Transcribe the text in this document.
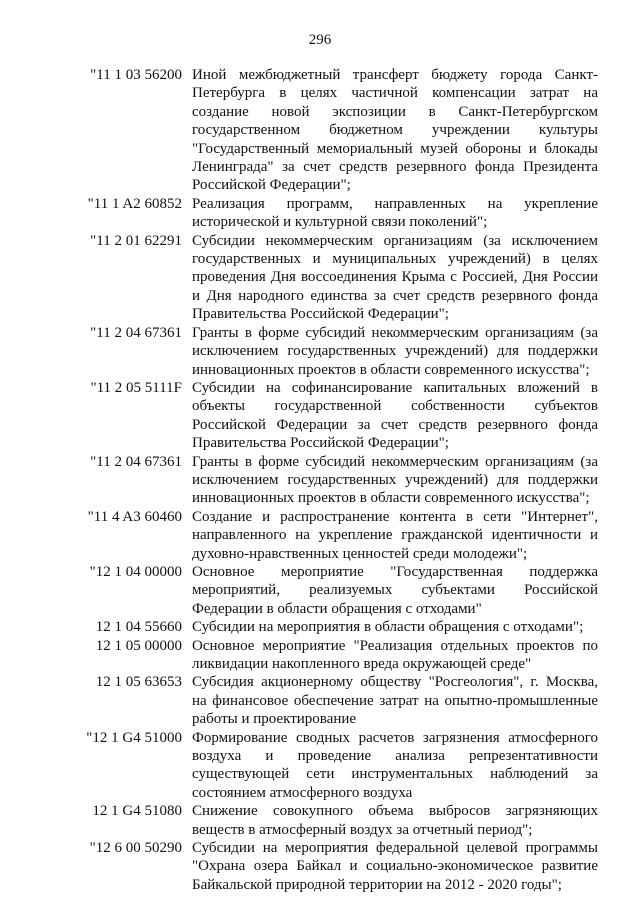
296
"11 1 03 56200 Иной межбюджетный трансферт бюджету города Санкт-
Петербурга в целях частичной компенсации затрат на
создание новой экспозиции в Санкт-Петербургском
государственном бюджетном учреждении культуры
"Государственный мемориальный музей обороны и блокады
Ленинграда" за счет средств резервного фонда Президента
Российской Федерации";
"11 1 A2 60852 Реализация программ, направленных на укрепление
исторической и культурной связи поколений";
"11 2 01 62291 Субсидии некоммерческим организациям (за исключением
государственных и муниципальных учреждений) в целях
проведения Дня воссоединения Крыма с Россией, Дня России
и Дня народного единства за счет средств резервного фонда
Правительства Российской Федерации";
"11 2 04 67361 Гранты в форме субсидий некоммерческим организациям (за
исключением государственных учреждений) для поддержки
инновационных проектов в области современного искусства";
"11 2 05 5111F Субсидии на софинансирование капитальных вложений в
объекты государственной собственности субъектов
Российской Федерации за счет средств резервного фонда
Правительства Российской Федерации";
"11 2 04 67361 Гранты в форме субсидий некоммерческим организациям (за
исключением государственных учреждений) для поддержки
инновационных проектов в области современного искусства";
"11 4 A3 60460 Создание и распространение контента в сети "Интернет",
направленного на укрепление гражданской идентичности и
духовно-нравственных ценностей среди молодежи";
"12 1 04 00000 Основное мероприятие "Государственная поддержка
мероприятий, реализуемых субъектами Российской
Федерации в области обращения с отходами"
12 1 04 55660 Субсидии на мероприятия в области обращения с отходами";
12 1 05 00000 Основное мероприятие "Реализация отдельных проектов по
ликвидации накопленного вреда окружающей среде"
12 1 05 63653 Субсидия акционерному обществу "Росгеология", г. Москва,
на финансовое обеспечение затрат на опытно-промышленные
работы и проектирование
"12 1 G4 51000 Формирование сводных расчетов загрязнения атмосферного
воздуха и проведение анализа репрезентативности
существующей сети инструментальных наблюдений за
состоянием атмосферного воздуха
12 1 G4 51080 Снижение совокупного объема выбросов загрязняющих
веществ в атмосферный воздух за отчетный период";
"12 6 00 50290 Субсидии на мероприятия федеральной целевой программы
"Охрана озера Байкал и социально-экономическое развитие
Байкальской природной территории на 2012 - 2020 годы";
